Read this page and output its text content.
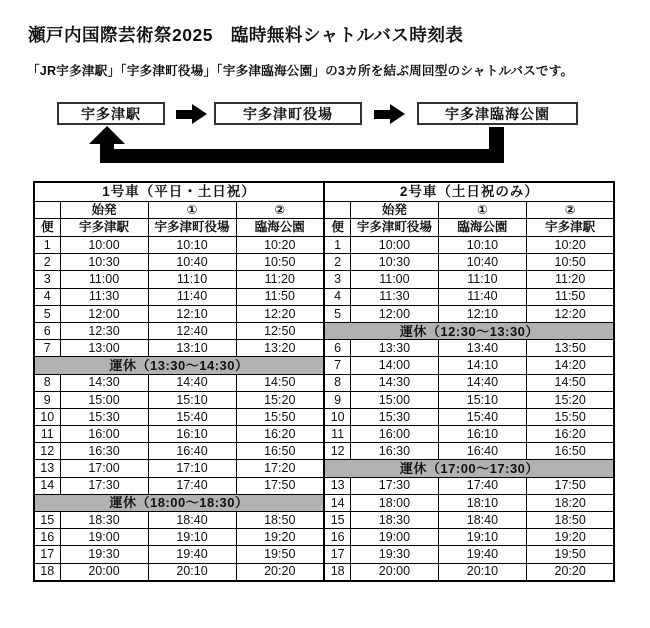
瀬戸内国際芸術祭2025　臨時無料シャトルバス時刻表
「JR宇多津駅」「宇多津町役場」「宇多津臨海公園」の3カ所を結ぶ周回型のシャトルバスです。
宇多津駅	宇多津町役場	宇多津臨海公園
1号車（平日・土日祝）			
	始発	①	②
便	宇多津駅	宇多津町役場	臨海公園
1	10:00	10:10	10:20
2	10:30	10:40	10:50
3	11:00	11:10	11:20
4	11:30	11:40	11:50
5	12:00	12:10	12:20
6	12:30	12:40	12:50
7	13:00	13:10	13:20
運休（13:30～14:30）			
8	14:30	14:40	14:50
9	15:00	15:10	15:20
10	15:30	15:40	15:50
11	16:00	16:10	16:20
12	16:30	16:40	16:50
13	17:00	17:10	17:20
14	17:30	17:40	17:50
運休（18:00～18:30）			
15	18:30	18:40	18:50
16	19:00	19:10	19:20
17	19:30	19:40	19:50
18	20:00	20:10	20:20
2号車（土日祝のみ）			
	始発	①	②
便	宇多津町役場	臨海公園	宇多津駅
1	10:00	10:10	10:20
2	10:30	10:40	10:50
3	11:00	11:10	11:20
4	11:30	11:40	11:50
5	12:00	12:10	12:20
運休（12:30～13:30）			
6	13:30	13:40	13:50
7	14:00	14:10	14:20
8	14:30	14:40	14:50
9	15:00	15:10	15:20
10	15:30	15:40	15:50
11	16:00	16:10	16:20
12	16:30	16:40	16:50
運休（17:00～17:30）			
13	17:30	17:40	17:50
14	18:00	18:10	18:20
15	18:30	18:40	18:50
16	19:00	19:10	19:20
17	19:30	19:40	19:50
18	20:00	20:10	20:20
